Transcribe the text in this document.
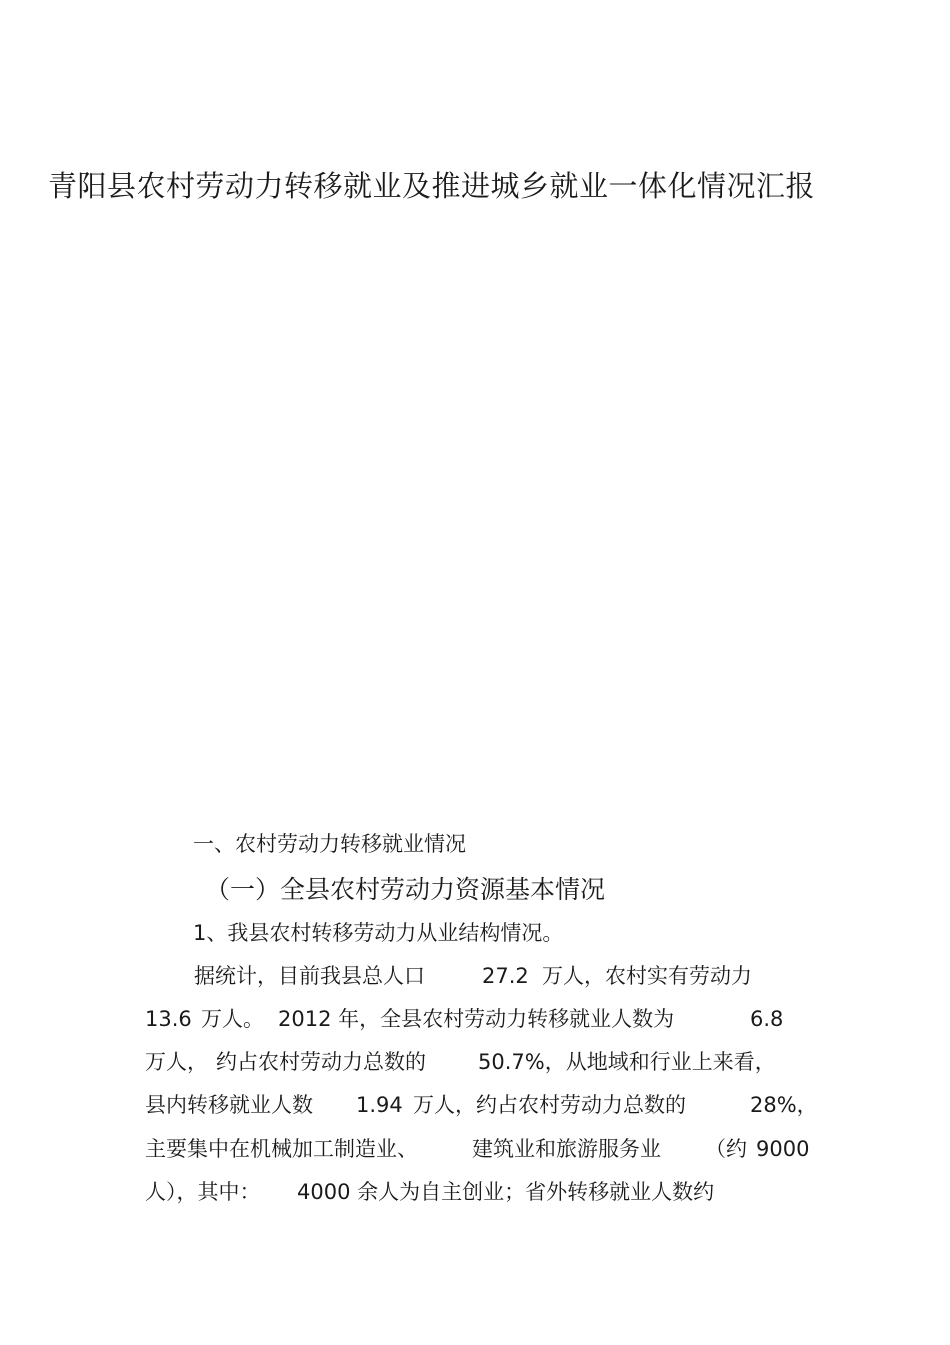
青阳县农村劳动力转移就业及推进城乡就业一体化情况汇报
一、农村劳动力转移就业情况
（一）全县农村劳动力资源基本情况
1、我县农村转移劳动力从业结构情况。
据统计，目前我县总人口	27.2 万人，农村实有劳动力
13.6 万人。 2012 年，全县农村劳动力转移就业人数为	6.8
万人， 约占农村劳动力总数的 50.7%，从地域和行业上来看，
县内转移就业人数 1.94 万人，约占农村劳动力总数的	28%，
主要集中在机械加工制造业、	建筑业和旅游服务业 （约 9000
人），其中： 4000 余人为自主创业；省外转移就业人数约
